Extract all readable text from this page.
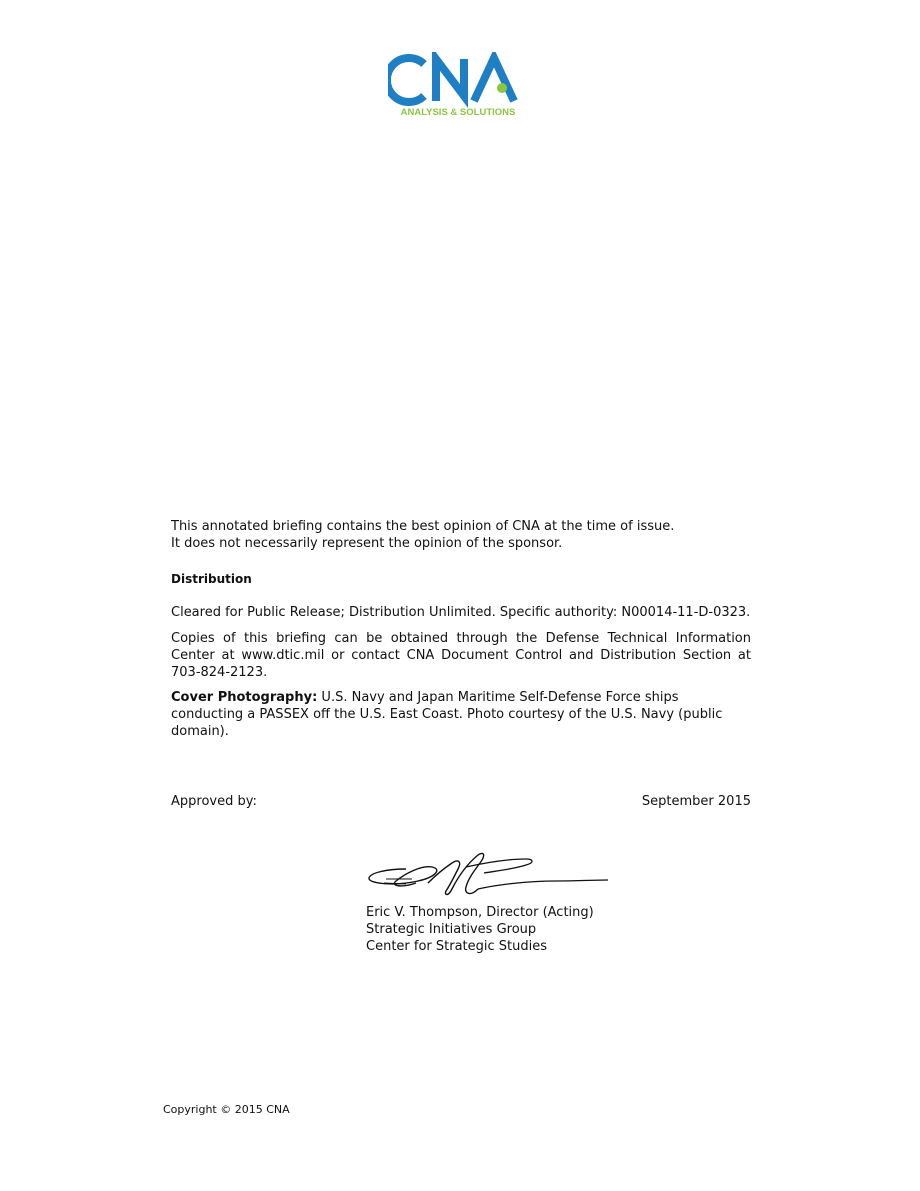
ANALYSIS & SOLUTIONS

This annotated briefing contains the best opinion of CNA at the time of issue.

It does not necessarily represent the opinion of the sponsor.

Distribution
Cleared for Public Release; Distribution Unlimited. Specific authority: N00014-11-D-0323.
Copies of this briefing can be obtained through the Defense Technical Information Center at www.dtic.mil or contact CNA Document Control and Distribution Section at 703-824-2123.
Cover Photography: U.S. Navy and Japan Maritime Self-Defense Force ships conducting a PASSEX off the U.S. East Coast. Photo courtesy of the U.S. Navy (public domain).
Approved by:	September 2015
Eric V. Thompson, Director (Acting)
Strategic Initiatives Group
Center for Strategic Studies
Copyright © 2015 CNA
